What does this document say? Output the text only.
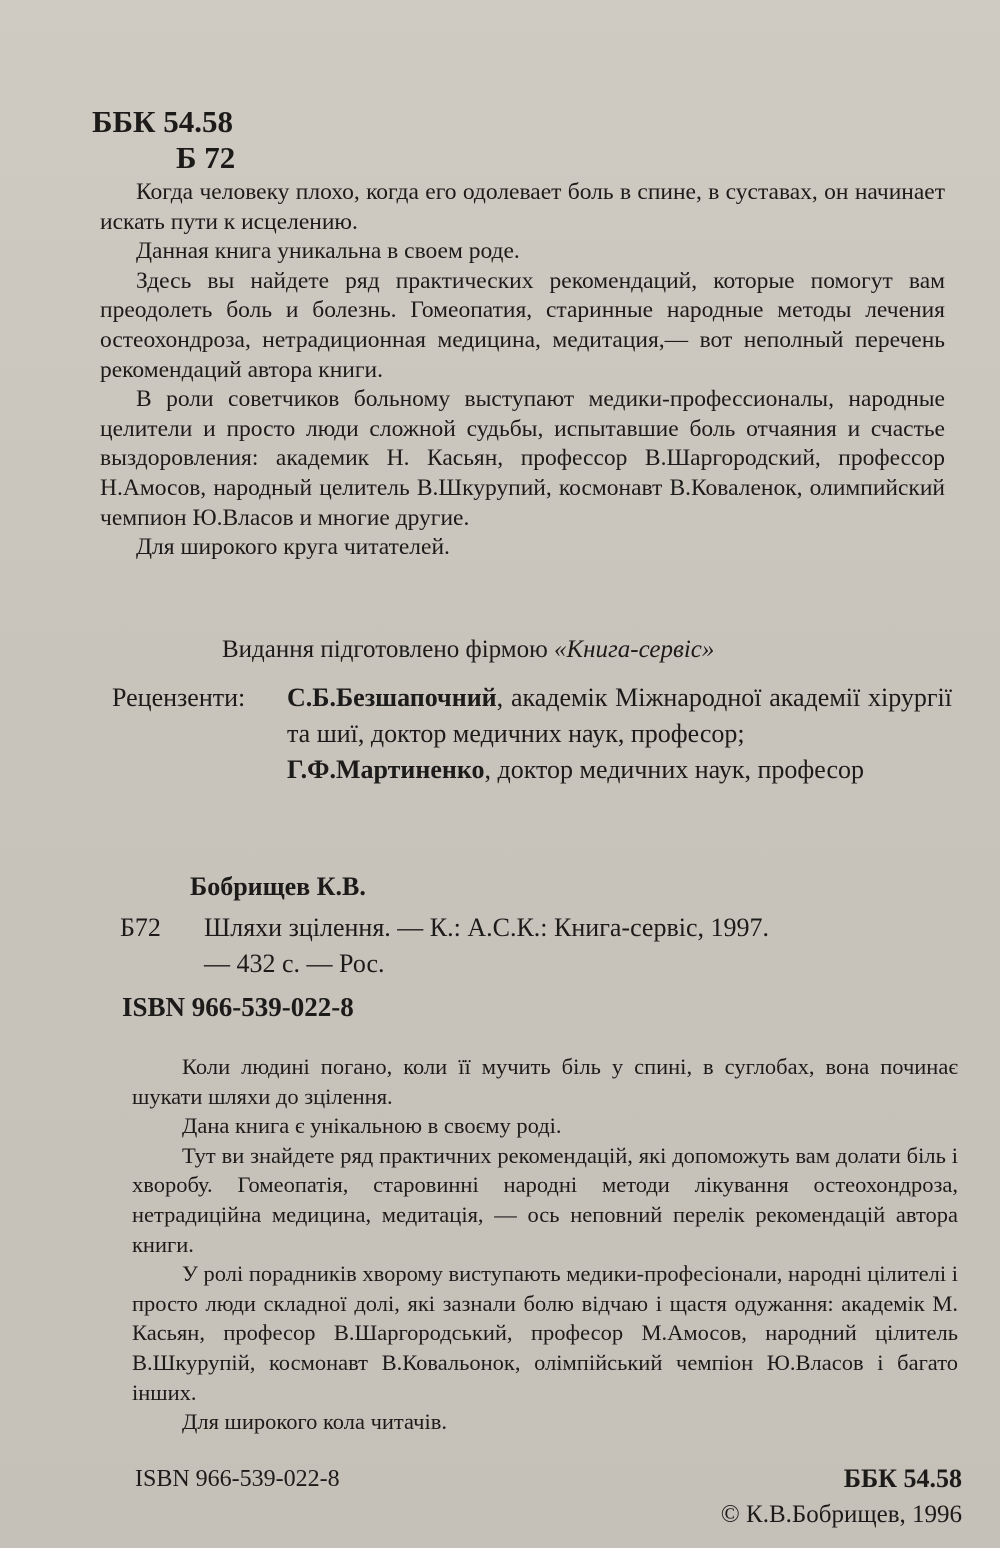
ББК 54.58
Б 72

Когда человеку плохо, когда его одолевает боль в спине, в суставах, он начинает искать пути к исцелению.

Данная книга уникальна в своем роде.

Здесь вы найдете ряд практических рекомендаций, которые помогут вам преодолеть боль и болезнь. Гомеопатия, старинные народные методы лечения остеохондроза, нетрадиционная медицина, медитация,— вот неполный перечень рекомендаций автора книги.

В роли советчиков больному выступают медики-профессионалы, народные целители и просто люди сложной судьбы, испытавшие боль отчаяния и счастье выздоровления: академик Н. Касьян, профессор В.Шаргородский, профессор Н.Амосов, народный целитель В.Шкурупий, космонавт В.Коваленок, олимпийский чемпион Ю.Власов и многие другие.

Для широкого круга читателей.

Видання підготовлено фірмою «Книга-сервіс»
Рецензенти:	С.Б.Безшапочний, академік Міжнародної академії хірургії та шиї, доктор медичних наук, професор;

Г.Ф.Мартиненко, доктор медичних наук, професор

Бобрищев К.В.
Б72 Шляхи зцілення. — К.: А.С.К.: Книга-сервіс, 1997.
— 432 с. — Рос.
ISBN 966-539-022-8

Коли людині погано, коли її мучить біль у спині, в суглобах, вона починає шукати шляхи до зцілення.

Дана книга є унікальною в своєму роді.

Тут ви знайдете ряд практичних рекомендацій, які допоможуть вам долати біль і хворобу. Гомеопатія, старовинні народні методи лікування остеохондроза, нетрадиційна медицина, медитація, — ось неповний перелік рекомендацій автора книги.

У ролі порадників хворому виступають медики-професіонали, народні цілителі і просто люди складної долі, які зазнали болю відчаю і щастя одужання: академік М. Касьян, професор В.Шаргородський, професор М.Амосов, народний цілитель В.Шкурупій, космонавт В.Ковальонок, олімпійський чемпіон Ю.Власов і багато інших.

Для широкого кола читачів.

ISBN 966-539-022-8	ББК 54.58
© К.В.Бобрищев, 1996
